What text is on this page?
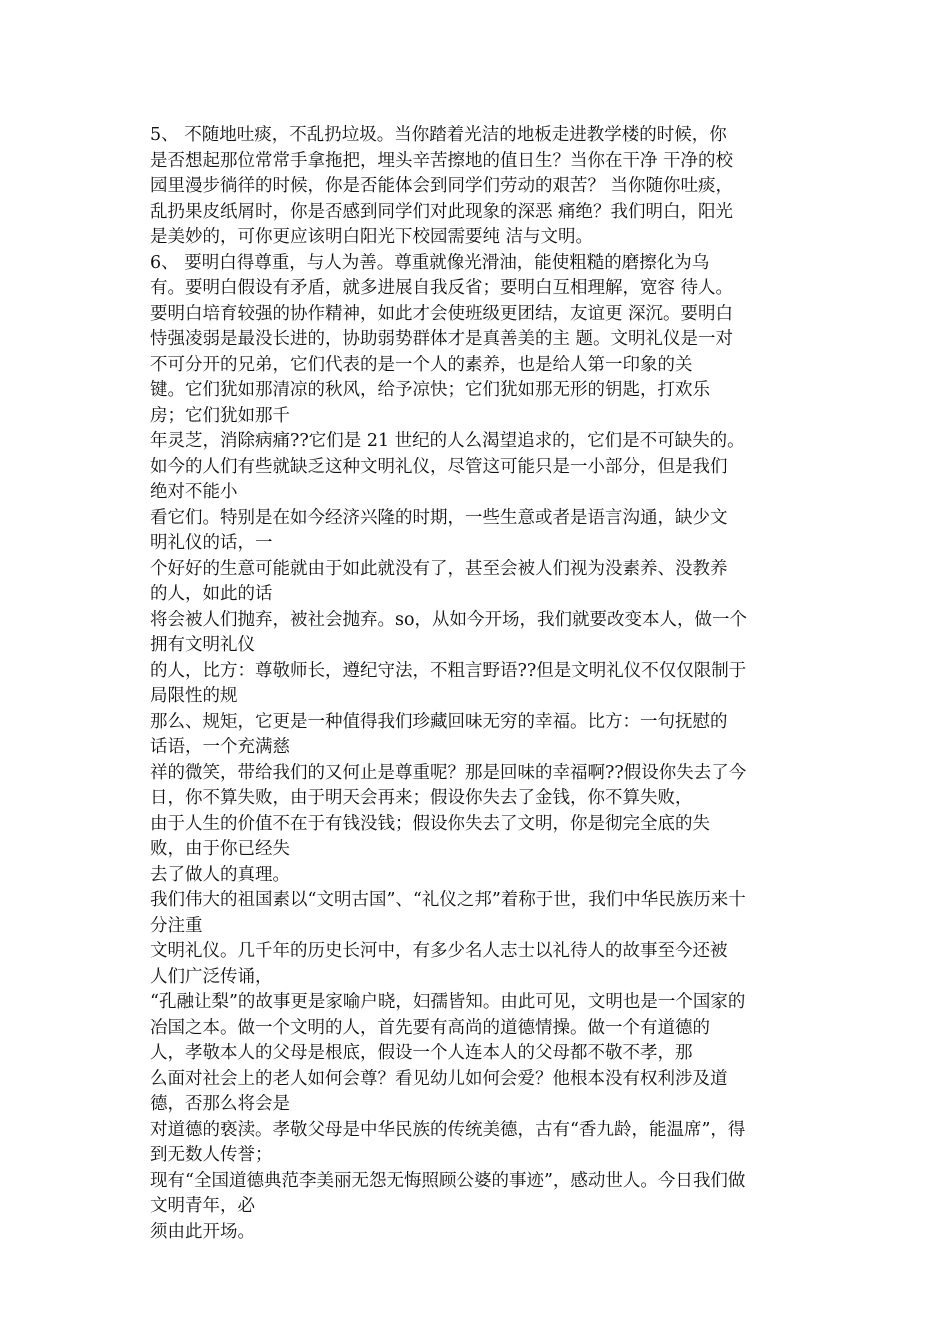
5、 不随地吐痰，不乱扔垃圾。当你踏着光洁的地板走进教学楼的时候，你
是否想起那位常常手拿拖把，埋头辛苦擦地的值日生？当你在干净 干净的校
园里漫步徜徉的时候，你是否能体会到同学们劳动的艰苦？ 当你随你吐痰，
乱扔果皮纸屑时，你是否感到同学们对此现象的深恶 痛绝？我们明白，阳光
是美妙的，可你更应该明白阳光下校园需要纯 洁与文明。
6、 要明白得尊重，与人为善。尊重就像光滑油，能使粗糙的磨擦化为乌
有。要明白假设有矛盾，就多进展自我反省；要明白互相理解，宽容 待人。
要明白培育较强的协作精神，如此才会使班级更团结，友谊更 深沉。要明白
恃强凌弱是最没长进的，协助弱势群体才是真善美的主 题。文明礼仪是一对
不可分开的兄弟，它们代表的是一个人的素养，也是给人第一印象的关
键。它们犹如那清凉的秋风，给予凉快；它们犹如那无形的钥匙，打欢乐
房；它们犹如那千
年灵芝，消除病痛??它们是 21 世纪的人么渴望追求的，它们是不可缺失的。
如今的人们有些就缺乏这种文明礼仪，尽管这可能只是一小部分，但是我们
绝对不能小
看它们。特别是在如今经济兴隆的时期，一些生意或者是语言沟通，缺少文
明礼仪的话，一
个好好的生意可能就由于如此就没有了，甚至会被人们视为没素养、没教养
的人，如此的话
将会被人们抛弃，被社会抛弃。so，从如今开场，我们就要改变本人，做一个
拥有文明礼仪
的人，比方：尊敬师长，遵纪守法，不粗言野语??但是文明礼仪不仅仅限制于
局限性的规
那么、规矩，它更是一种值得我们珍藏回味无穷的幸福。比方：一句抚慰的
话语，一个充满慈
祥的微笑，带给我们的又何止是尊重呢？那是回味的幸福啊??假设你失去了今
日，你不算失败，由于明天会再来；假设你失去了金钱，你不算失败，
由于人生的价值不在于有钱没钱；假设你失去了文明，你是彻完全底的失
败，由于你已经失
去了做人的真理。
我们伟大的祖国素以“文明古国”、“礼仪之邦”着称于世，我们中华民族历来十
分注重
文明礼仪。几千年的历史长河中，有多少名人志士以礼待人的故事至今还被
人们广泛传诵，
“孔融让梨”的故事更是家喻户晓，妇孺皆知。由此可见，文明也是一个国家的
冶国之本。做一个文明的人，首先要有高尚的道德情操。做一个有道德的
人，孝敬本人的父母是根底，假设一个人连本人的父母都不敬不孝，那
么面对社会上的老人如何会尊？看见幼儿如何会爱？他根本没有权利涉及道
德，否那么将会是
对道德的亵渎。孝敬父母是中华民族的传统美德，古有“香九龄，能温席”，得
到无数人传誉；
现有“全国道德典范李美丽无怨无悔照顾公婆的事迹”，感动世人。今日我们做
文明青年，必
须由此开场。
